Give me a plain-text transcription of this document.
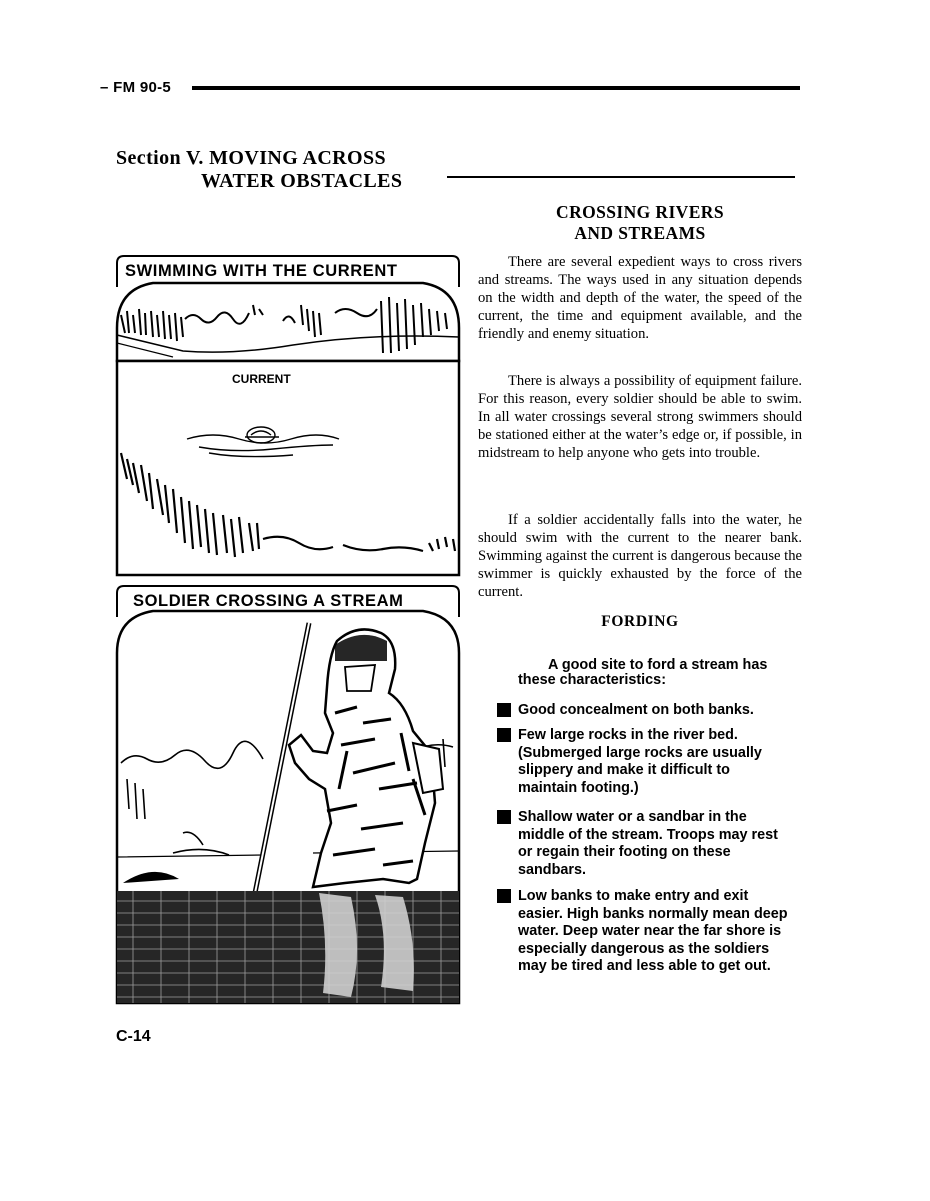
– FM 90-5
Section V. MOVING ACROSS
WATER OBSTACLES
CURRENT
SWIMMING WITH THE CURRENT
SOLDIER CROSSING A STREAM
CROSSING RIVERS
AND STREAMS
There are several expedient ways to cross rivers and streams. The ways used in any situation depends on the width and depth of the water, the speed of the current, the time and equipment available, and the friendly and enemy situation.
There is always a possibility of equipment failure. For this reason, every soldier should be able to swim. In all water crossings several strong swimmers should be stationed either at the water’s edge or, if possible, in midstream to help anyone who gets into trouble.
If a soldier accidentally falls into the water, he should swim with the current to the nearer bank. Swimming against the current is dangerous because the swimmer is quickly exhausted by the force of the current.
FORDING
A good site to ford a stream has these characteristics:
Good concealment on both banks.
Few large rocks in the river bed. (Submerged large rocks are usually slippery and make it difficult to maintain footing.)
Shallow water or a sandbar in the middle of the stream. Troops may rest or regain their footing on these sandbars.
Low banks to make entry and exit easier. High banks normally mean deep water. Deep water near the far shore is especially dangerous as the soldiers may be tired and less able to get out.
C-14
